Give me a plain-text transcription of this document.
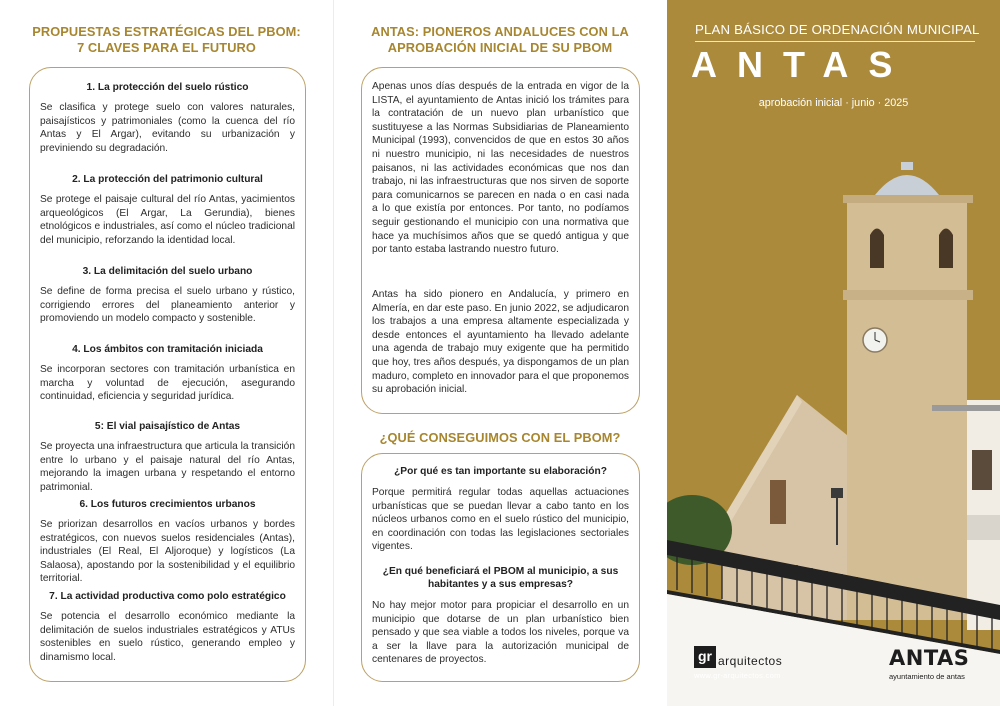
PROPUESTAS ESTRATÉGICAS DEL PBOM:
7 CLAVES PARA EL FUTURO
1. La protección del suelo rústico
Se clasifica y protege suelo con valores naturales, paisajísticos y patrimoniales (como la cuenca del río Antas y El Argar), evitando su urbanización y previniendo su degradación.
2. La protección del patrimonio cultural
Se protege el paisaje cultural del río Antas, yacimientos arqueológicos (El Argar, La Gerundia), bienes etnológicos e industriales, así como el núcleo tradicional del municipio, reforzando la identidad local.
3. La delimitación del suelo urbano
Se define de forma precisa el suelo urbano y rústico, corrigiendo errores del planeamiento anterior y promoviendo un modelo compacto y sostenible.
4. Los ámbitos con tramitación iniciada
Se incorporan sectores con tramitación urbanística en marcha y voluntad de ejecución, asegurando continuidad, eficiencia y seguridad jurídica.
5: El vial paisajístico de Antas
Se proyecta una infraestructura que articula la transición entre lo urbano y el paisaje natural del río Antas, mejorando la imagen urbana y respetando el entorno patrimonial.
6. Los futuros crecimientos urbanos
Se priorizan desarrollos en vacíos urbanos y bordes estratégicos, con nuevos suelos residenciales (Antas), industriales (El Real, El Aljoroque) y logísticos (La Salaosa), apostando por la sostenibilidad y el equilibrio territorial.
7. La actividad productiva como polo estratégico
Se potencia el desarrollo económico mediante la delimitación de suelos industriales estratégicos y ATUs sostenibles en suelo rústico, generando empleo y dinamismo local.
ANTAS: PIONEROS ANDALUCES CON LA
APROBACIÓN INICIAL DE SU PBOM
Apenas unos días después de la entrada en vigor de la LISTA, el ayuntamiento de Antas inició los trámites para la contratación de un nuevo plan urbanístico que sustituyese a las Normas Subsidiarias de Planeamiento Municipal (1993), convencidos de que en estos 30 años ni nuestro municipio, ni las necesidades de nuestros paisanos, ni las actividades económicas que nos dan trabajo, ni las infraestructuras que nos sirven de soporte para comunicarnos se parecen en nada o en casi nada a lo que existía por entonces. Por tanto, no podíamos seguir gestionando el municipio con una normativa que hace ya muchísimos años que se quedó antigua y que por tanto estaba lastrando nuestro futuro.
Antas ha sido pionero en Andalucía, y primero en Almería, en dar este paso. En junio 2022, se adjudicaron los trabajos a una empresa altamente especializada y desde entonces el ayuntamiento ha llevado adelante una agenda de trabajo muy exigente que ha permitido que hoy, tres años después, ya dispongamos de un plan maduro, completo en innovador para el que proponemos su aprobación inicial.
¿QUÉ CONSEGUIMOS CON EL PBOM?
¿Por qué es tan importante su elaboración?
Porque permitirá regular todas aquellas actuaciones urbanísticas que se puedan llevar a cabo tanto en los núcleos urbanos como en el suelo rústico del municipio, en coordinación con todas las legislaciones sectoriales vigentes.
¿En qué beneficiará el PBOM al municipio, a sus habitantes y a sus empresas?
No hay mejor motor para propiciar el desarrollo en un municipio que dotarse de un plan urbanístico bien pensado y que sea viable a todos los niveles, porque va a ser la llave para la autorización municipal de centenares de proyectos.
PLAN BÁSICO DE ORDENACIÓN MUNICIPAL
ANTAS
aprobación inicial · junio · 2025
gr arquitectos
www.gr-arquitectos.com
ANTAS
ayuntamiento de antas
